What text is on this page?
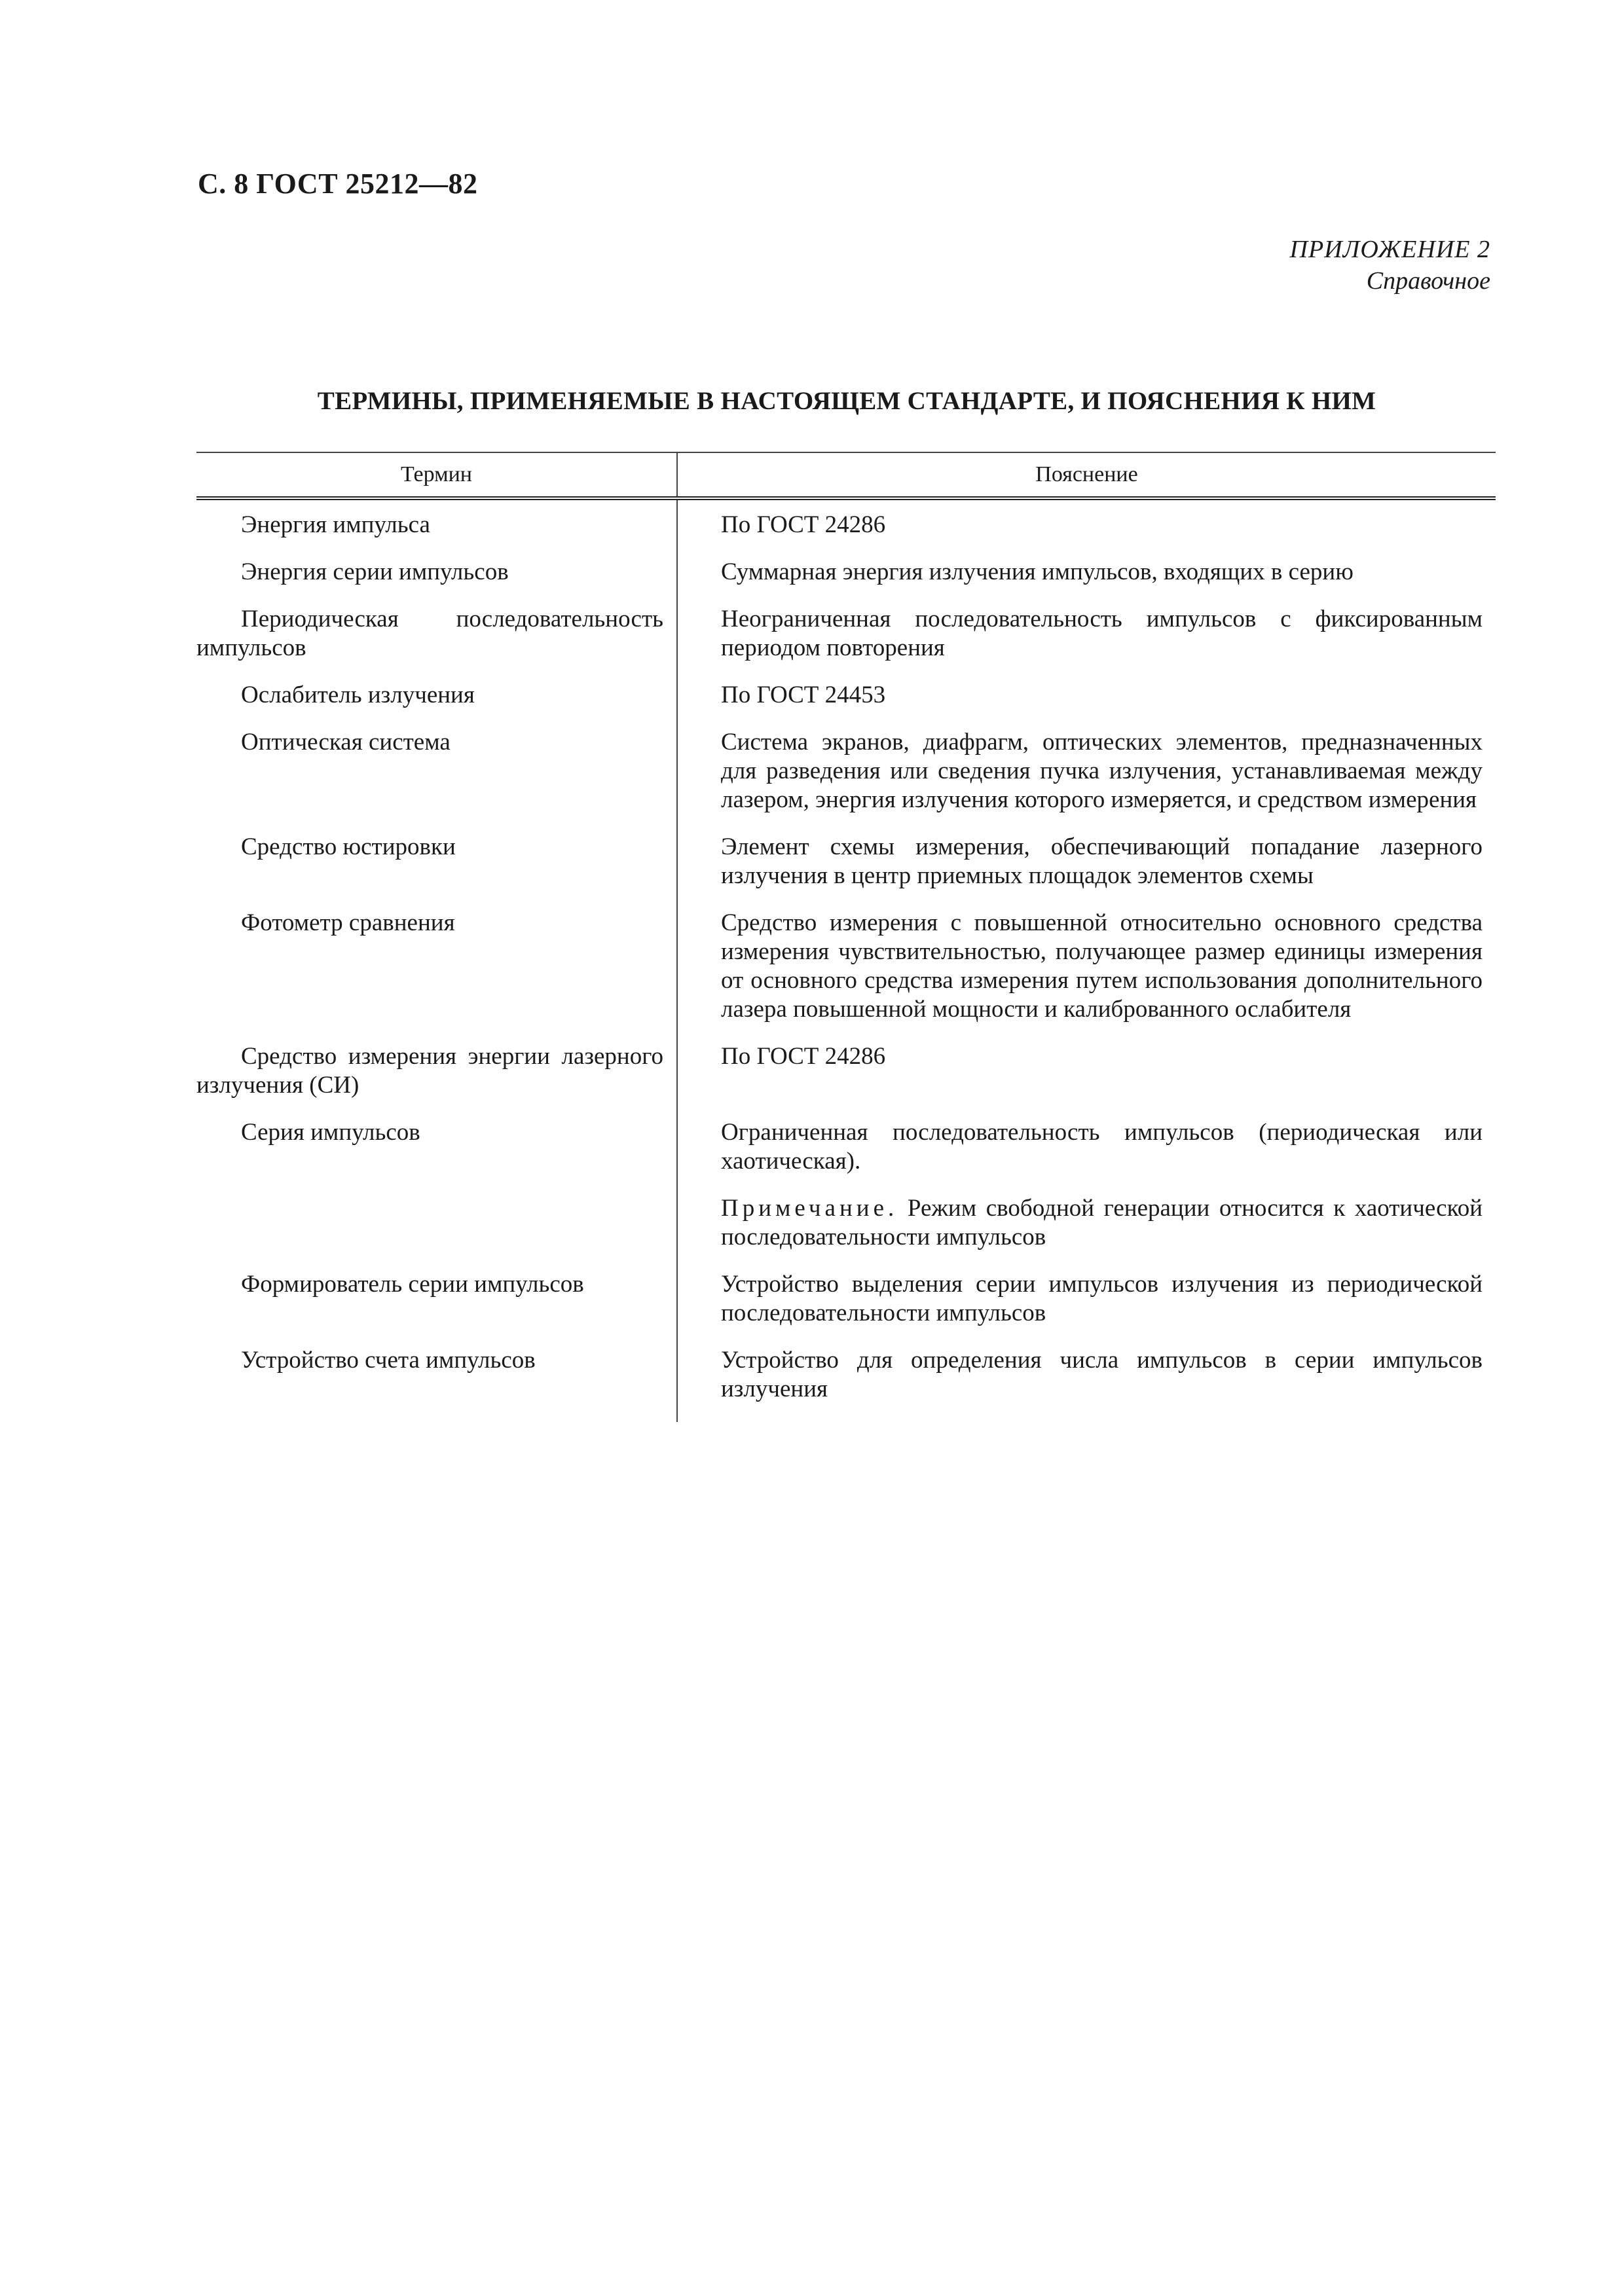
С. 8 ГОСТ 25212—82
ПРИЛОЖЕНИЕ 2
Справочное
ТЕРМИНЫ, ПРИМЕНЯЕМЫЕ В НАСТОЯЩЕМ СТАНДАРТЕ, И ПОЯСНЕНИЯ К НИМ
Термин	Пояснение
Энергия импульса	По ГОСТ 24286
Энергия серии импульсов	Суммарная энергия излучения импульсов, входящих в серию
Периодическая последовательность импульсов	Неограниченная последовательность импульсов с фиксированным периодом повторения
Ослабитель излучения	По ГОСТ 24453
Оптическая система	Система экранов, диафрагм, оптических элементов, предназначенных для разведения или сведения пучка излучения, устанавливаемая между лазером, энергия излучения которого измеряется, и средством измерения
Средство юстировки	Элемент схемы измерения, обеспечивающий попадание лазерного излучения в центр приемных площадок элементов схемы
Фотометр сравнения	Средство измерения с повышенной относительно основного средства измерения чувствительностью, получающее размер единицы измерения от основного средства измерения путем использования дополнительного лазера повышенной мощности и калиброванного ослабителя
Средство измерения энергии лазерного излучения (СИ)	По ГОСТ 24286
Серия импульсов	Ограниченная последовательность импульсов (периодическая или хаотическая).
Примечание. Режим свободной генерации относится к хаотической последовательности импульсов

Формирователь серии импульсов	Устройство выделения серии импульсов излучения из периодической последовательности импульсов
Устройство счета импульсов	Устройство для определения числа импульсов в серии импульсов излучения
